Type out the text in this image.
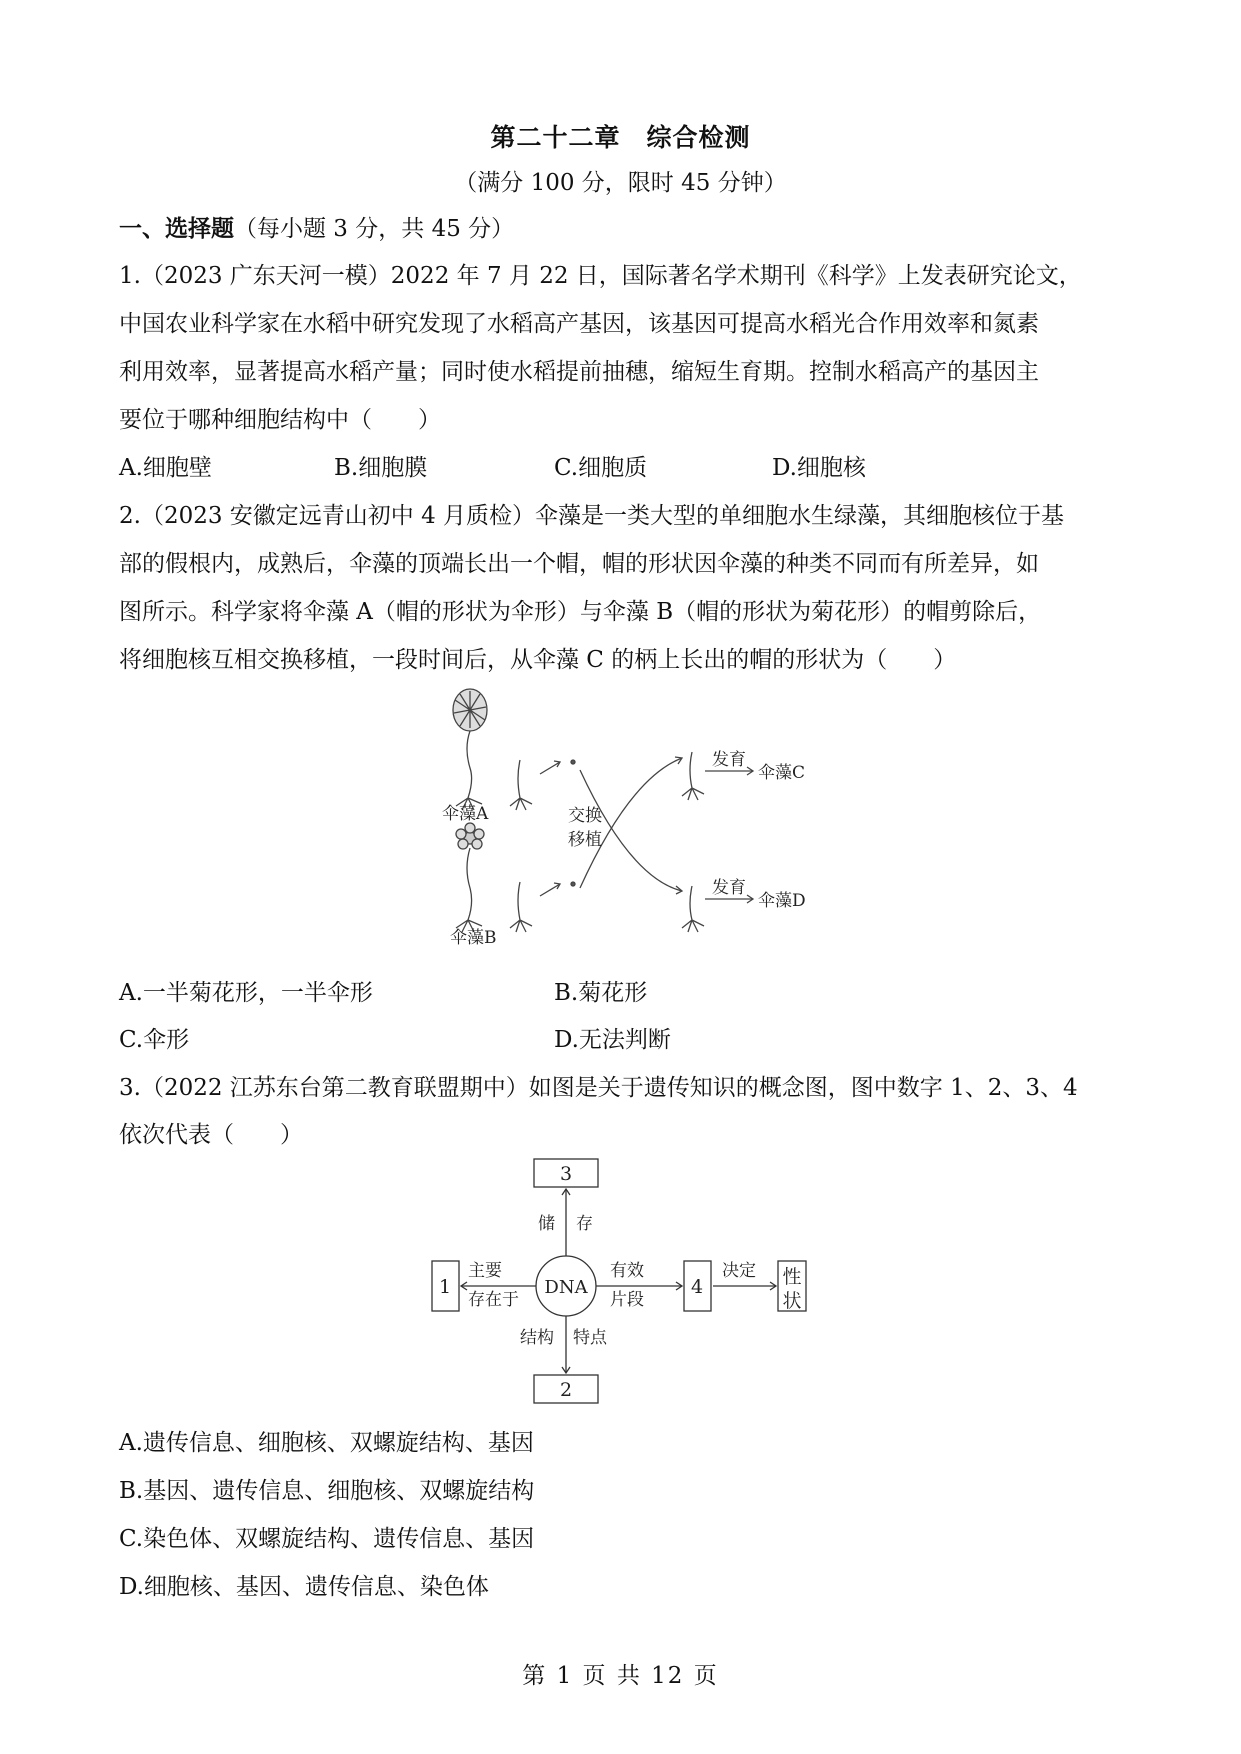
第二十二章　综合检测
（满分 100 分，限时 45 分钟）
一、选择题（每小题 3 分，共 45 分）
1.（2023 广东天河一模）2022 年 7 月 22 日，国际著名学术期刊《科学》上发表研究论文，
中国农业科学家在水稻中研究发现了水稻高产基因，该基因可提高水稻光合作用效率和氮素
利用效率，显著提高水稻产量；同时使水稻提前抽穗，缩短生育期。控制水稻高产的基因主
要位于哪种细胞结构中（　　）
A.细胞壁	B.细胞膜	C.细胞质	D.细胞核
2.（2023 安徽定远青山初中 4 月质检）伞藻是一类大型的单细胞水生绿藻，其细胞核位于基
部的假根内，成熟后，伞藻的顶端长出一个帽，帽的形状因伞藻的种类不同而有所差异，如
图所示。科学家将伞藻 A（帽的形状为伞形）与伞藻 B（帽的形状为菊花形）的帽剪除后，
将细胞核互相交换移植，一段时间后，从伞藻 C 的柄上长出的帽的形状为（　　）
伞藻A
伞藻B
伞藻C
伞藻D
交换
移植
发育
发育
A.一半菊花形，一半伞形	B.菊花形
C.伞形	D.无法判断
3.（2022 江苏东台第二教育联盟期中）如图是关于遗传知识的概念图，图中数字 1、2、3、4
依次代表（　　）
3
2
1	4	性
状
DNA
储 存
主要
存在于
有效
片段
决定
结构 特点
A.遗传信息、细胞核、双螺旋结构、基因
B.基因、遗传信息、细胞核、双螺旋结构
C.染色体、双螺旋结构、遗传信息、基因
D.细胞核、基因、遗传信息、染色体
第 1 页 共 12 页
